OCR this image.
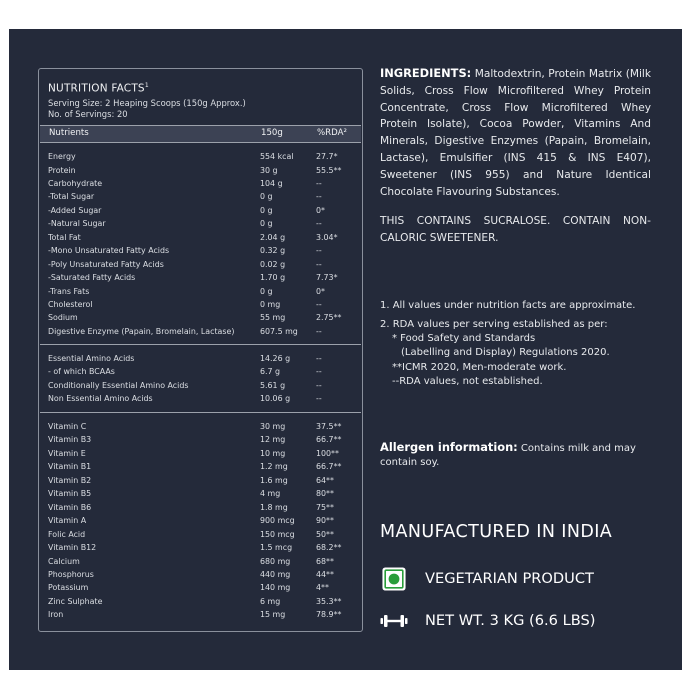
NUTRITION FACTS$^1$
Serving Size: 2 Heaping Scoops (150g Approx.)
No. of Servings: 20
Nutrients	150g	%RDA²
Energy	554 kcal	27.7*
Protein	30 g	55.5**
Carbohydrate	104 g	--
-Total Sugar	0 g	--
-Added Sugar	0 g	0*
-Natural Sugar	0 g	--
Total Fat	2.04 g	3.04*
-Mono Unsaturated Fatty Acids	0.32 g	--
-Poly Unsaturated Fatty Acids	0.02 g	--
-Saturated Fatty Acids	1.70 g	7.73*
-Trans Fats	0 g	0*
Cholesterol	0 mg	--
Sodium	55 mg	2.75**
Digestive Enzyme (Papain, Bromelain, Lactase)	607.5 mg --
Essential Amino Acids	14.26 g	--
- of which BCAAs	6.7 g	--
Conditionally Essential Amino Acids	5.61 g	--
Non Essential Amino Acids	10.06 g	--
Vitamin C	30 mg	37.5**
Vitamin B3	12 mg	66.7**
Vitamin E	10 mg	100**
Vitamin B1	1.2 mg	66.7**
Vitamin B2	1.6 mg	64**
Vitamin B5	4 mg	80**
Vitamin B6	1.8 mg	75**
Vitamin A	900 mcg	90**
Folic Acid	150 mcg	50**
Vitamin B12	1.5 mcg	68.2**
Calcium	680 mg	68**
Phosphorus	440 mg	44**
Potassium	140 mg	4**
Zinc Sulphate	6 mg	35.3**
Iron	15 mg	78.9**
INGREDIENTS: Maltodextrin, Protein Matrix (Milk Solids, Cross Flow Microfiltered Whey Protein Concentrate, Cross Flow Microfiltered Whey Protein Isolate), Cocoa Powder, Vitamins And Minerals, Digestive Enzymes (Papain, Bromelain, Lactase), Emulsifier (INS 415 & INS E407), Sweetener (INS 955) and Nature Identical Chocolate Flavouring Substances.
THIS CONTAINS SUCRALOSE. CONTAIN NON-CALORIC SWEETENER.
1. All values under nutrition facts are approximate.
2. RDA values per serving established as per:
* Food Safety and Standards
(Labelling and Display) Regulations 2020.
**ICMR 2020, Men-moderate work.
--RDA values, not established.
Allergen information: Contains milk and may contain soy.
MANUFACTURED IN INDIA
VEGETARIAN PRODUCT
NET WT. 3 KG (6.6 LBS)
